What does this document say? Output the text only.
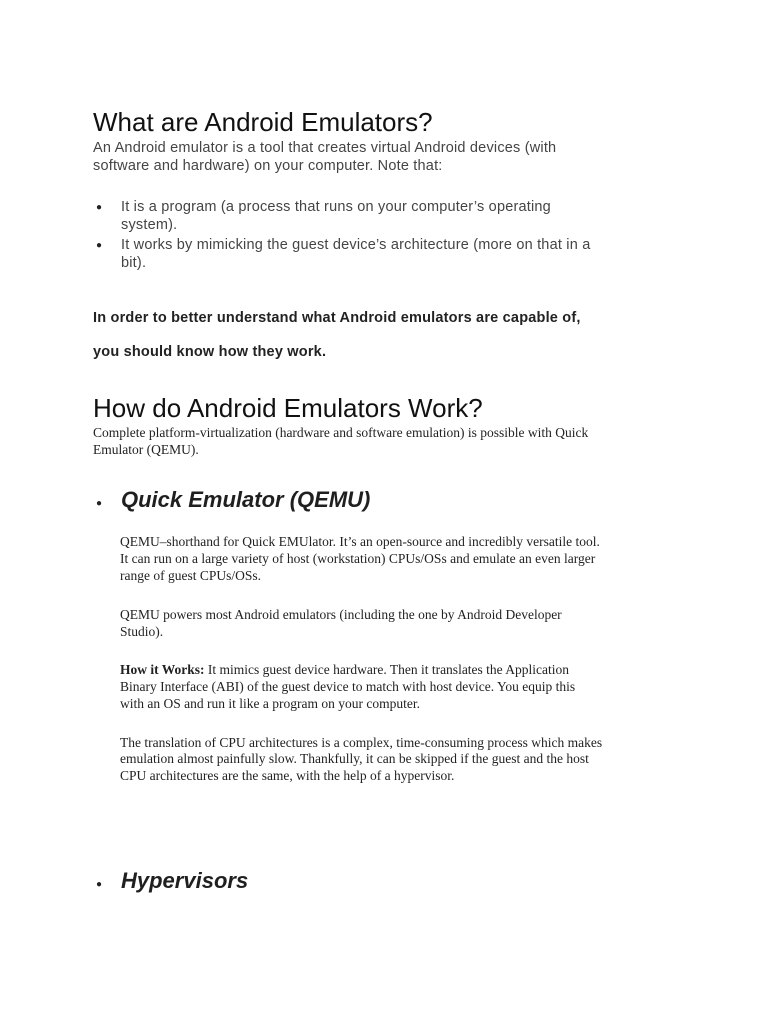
What are Android Emulators?
An Android emulator is a tool that creates virtual Android devices (with
software and hardware) on your computer. Note that:
● It is a program (a process that runs on your computer’s operating
system).
● It works by mimicking the guest device’s architecture (more on that in a
bit).
In order to better understand what Android emulators are capable of,
you should know how they work.
How do Android Emulators Work?
Complete platform-virtualization (hardware and software emulation) is possible with Quick
Emulator (QEMU).
● Quick Emulator (QEMU)
QEMU–shorthand for Quick EMUlator. It’s an open-source and incredibly versatile tool.
It can run on a large variety of host (workstation) CPUs/OSs and emulate an even larger
range of guest CPUs/OSs.
QEMU powers most Android emulators (including the one by Android Developer
Studio).
How it Works: It mimics guest device hardware. Then it translates the Application
Binary Interface (ABI) of the guest device to match with host device. You equip this
with an OS and run it like a program on your computer.
The translation of CPU architectures is a complex, time-consuming process which makes
emulation almost painfully slow. Thankfully, it can be skipped if the guest and the host
CPU architectures are the same, with the help of a hypervisor.
● Hypervisors
